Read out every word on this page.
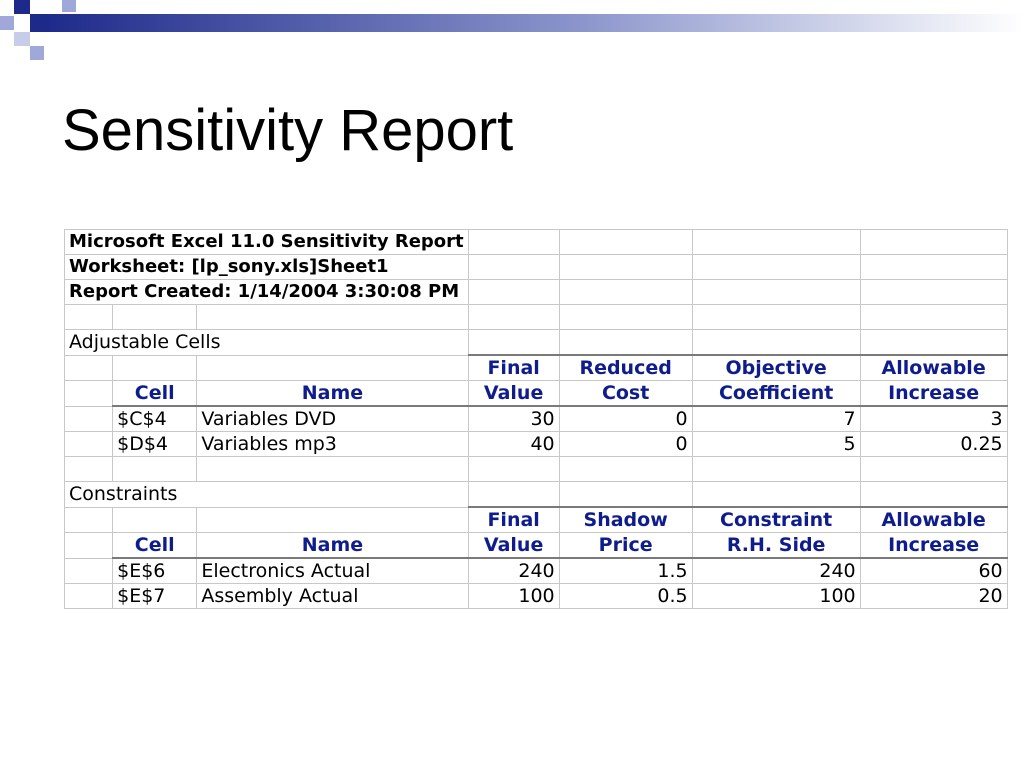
Sensitivity Report
Microsoft Excel 11.0 Sensitivity Report						
Worksheet: [lp_sony.xls]Sheet1						
Report Created: 1/14/2004 3:30:08 PM						

Adjustable Cells						
			Final	Reduced	Objective	Allowable
	Cell	Name	Value	Cost	Coefficient	Increase
	$C$4	Variables DVD	30	0	7	3
	$D$4	Variables mp3	40	0	5	0.25

Constraints						
			Final	Shadow	Constraint	Allowable
	Cell	Name	Value	Price	R.H. Side	Increase
	$E$6	Electronics Actual	240	1.5	240	60
	$E$7	Assembly Actual	100	0.5	100	20
